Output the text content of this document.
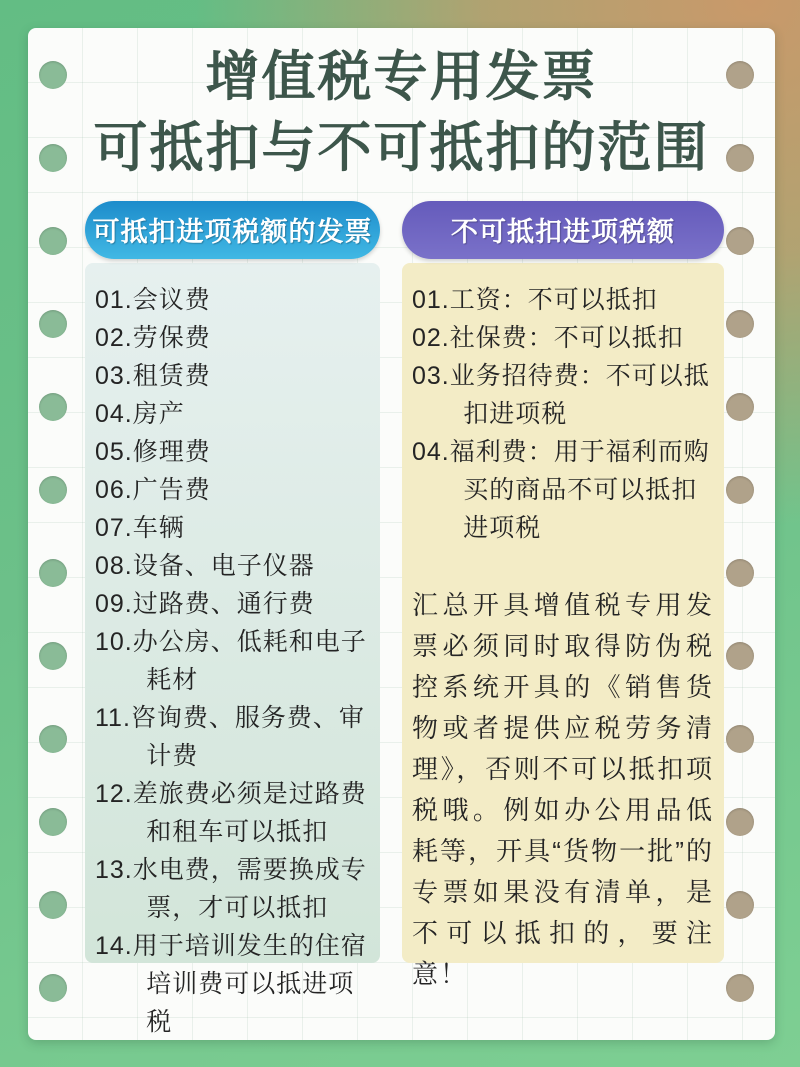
增值税专用发票
可抵扣与不可抵扣的范围
可抵扣进项税额的发票
01.会议费
02.劳保费
03.租赁费
04.房产
05.修理费
06.广告费
07.车辆
08.设备、电子仪器
09.过路费、通行费
10.办公房、低耗和电子耗材
11.咨询费、服务费、审计费
12.差旅费必须是过路费和租车可以抵扣
13.水电费，需要换成专票，才可以抵扣
14.用于培训发生的住宿培训费可以抵进项税
不可抵扣进项税额
01.工资：不可以抵扣
02.社保费：不可以抵扣
03.业务招待费：不可以抵扣进项税
04.福利费：用于福利而购买的商品不可以抵扣进项税
汇总开具增值税专用发票必须同时取得防伪税控系统开具的《销售货物或者提供应税劳务清理》，否则不可以抵扣项税哦。例如办公用品低耗等，开具“货物一批”的专票如果没有清单，是不可以抵扣的，要注意！
